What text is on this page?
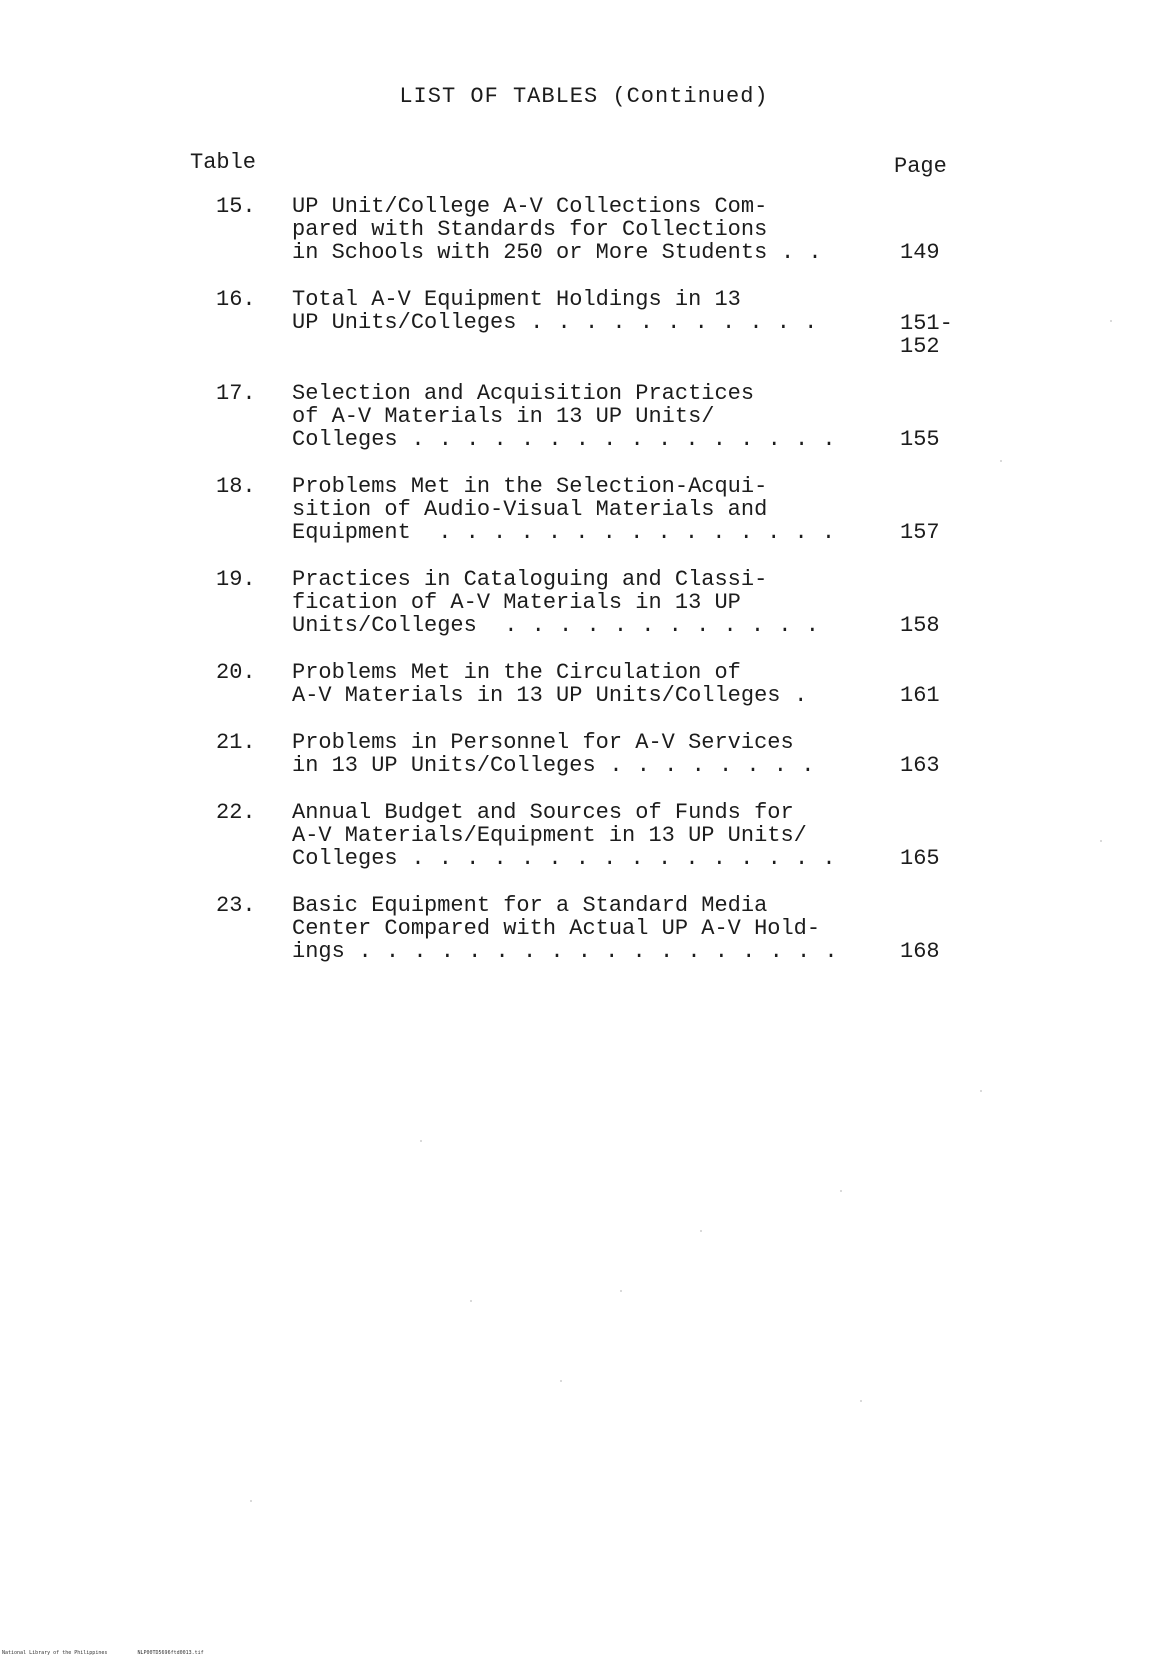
LIST OF TABLES (Continued)
Table	Page
15.	UP Unit/College A-V Collections Com-
pared with Standards for Collections
in Schools with 250 or More Students . .	149
16.	Total A-V Equipment Holdings in 13
UP Units/Colleges . . . . . . . . . . .	151-
152
17.	Selection and Acquisition Practices
of A-V Materials in 13 UP Units/
Colleges . . . . . . . . . . . . . . . .	155
18.	Problems Met in the Selection-Acqui-
sition of Audio-Visual Materials and
Equipment  . . . . . . . . . . . . . . .	157
19.	Practices in Cataloguing and Classi-
fication of A-V Materials in 13 UP
Units/Colleges  . . . . . . . . . . . .	158
20.	Problems Met in the Circulation of
A-V Materials in 13 UP Units/Colleges .	161
21.	Problems in Personnel for A-V Services
in 13 UP Units/Colleges . . . . . . . .	163
22.	Annual Budget and Sources of Funds for
A-V Materials/Equipment in 13 UP Units/
Colleges . . . . . . . . . . . . . . . .	165
23.	Basic Equipment for a Standard Media
Center Compared with Actual UP A-V Hold-
ings . . . . . . . . . . . . . . . . . .	168
National Library of the Philippines	NLP00TD5696ftd0013.tif
